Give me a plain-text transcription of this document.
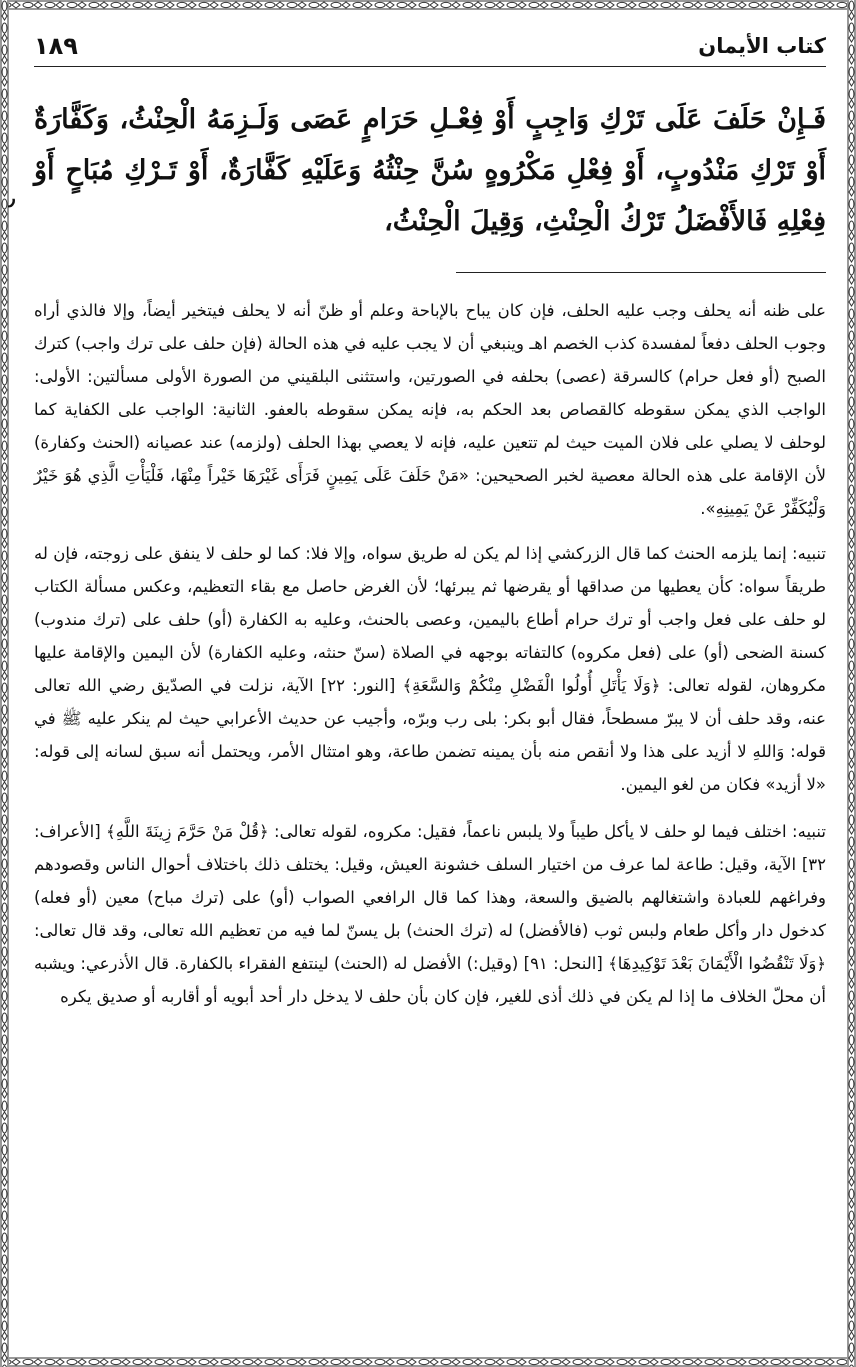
كتاب الأيمان
١٨٩
فَـإِنْ حَلَفَ عَلَى تَرْكِ وَاجِبٍ أَوْ فِعْـلِ حَرَامٍ عَصَى وَلَـزِمَهُ الْحِنْثُ، وَكَفَّارَةٌ أَوْ تَرْكِ مَنْدُوبٍ، أَوْ فِعْلِ مَكْرُوهٍ سُنَّ حِنْثُهُ وَعَلَيْهِ كَفَّارَةٌ، أَوْ تَـرْكِ مُبَاحٍ أَوْ فِعْلِهِ فَالأَفْضَلُ تَرْكُ الْحِنْثِ، وَقِيلَ الْحِنْثُ،
٫

على ظنه أنه يحلف وجب عليه الحلف، فإن كان يباح بالإباحة وعلم أو ظنّ أنه لا يحلف فيتخير أيضاً، وإلا فالذي أراه وجوب الحلف دفعاً لمفسدة كذب الخصم اهـ وينبغي أن لا يجب عليه في هذه الحالة (فإن حلف على ترك واجب) كترك الصبح (أو فعل حرام) كالسرقة (عصى) بحلفه في الصورتين، واستثنى البلقيني من الصورة الأولى مسألتين: الأولى: الواجب الذي يمكن سقوطه كالقصاص بعد الحكم به، فإنه يمكن سقوطه بالعفو. الثانية: الواجب على الكفاية كما لوحلف لا يصلي على فلان الميت حيث لم تتعين عليه، فإنه لا يعصي بهذا الحلف (ولزمه) عند عصيانه (الحنث وكفارة) لأن الإقامة على هذه الحالة معصية لخبر الصحيحين: «مَنْ حَلَفَ عَلَى يَمِينٍ فَرَأَى غَيْرَهَا خَيْراً مِنْهَا، فَلْيَأْتِ الَّذِي هُوَ خَيْرٌ وَلْيُكَفِّرْ عَنْ يَمِينِهِ».

تنبيه: إنما يلزمه الحنث كما قال الزركشي إذا لم يكن له طريق سواه، وإلا فلا: كما لو حلف لا ينفق على زوجته، فإن له طريقاً سواه: كأن يعطيها من صداقها أو يقرضها ثم يبرئها؛ لأن الغرض حاصل مع بقاء التعظيم، وعكس مسألة الكتاب لو حلف على فعل واجب أو ترك حرام أطاع باليمين، وعصى بالحنث، وعليه به الكفارة (أو) حلف على (ترك مندوب) كسنة الضحى (أو) على (فعل مكروه) كالتفاته بوجهه في الصلاة (سنّ حنثه، وعليه الكفارة) لأن اليمين والإقامة عليها مكروهان، لقوله تعالى: ﴿وَلَا يَأْتَلِ أُولُوا الْفَضْلِ مِنْكُمْ وَالسَّعَةِ﴾ [النور: ٢٢] الآية، نزلت في الصدّيق رضي الله تعالى عنه، وقد حلف أن لا يبرّ مسطحاً، فقال أبو بكر: بلى رب وبرّه، وأجيب عن حديث الأعرابي حيث لم ينكر عليه ﷺ في قوله: وَاللهِ لا أزيد على هذا ولا أنقص منه بأن يمينه تضمن طاعة، وهو امتثال الأمر، ويحتمل أنه سبق لسانه إلى قوله: «لا أزيد» فكان من لغو اليمين.

تنبيه: اختلف فيما لو حلف لا يأكل طيباً ولا يلبس ناعماً، فقيل: مكروه، لقوله تعالى: ﴿قُلْ مَنْ حَرَّمَ زِينَةَ اللَّهِ﴾ [الأعراف: ٣٢] الآية، وقيل: طاعة لما عرف من اختيار السلف خشونة العيش، وقيل: يختلف ذلك باختلاف أحوال الناس وقصودهم وفراغهم للعبادة واشتغالهم بالضيق والسعة، وهذا كما قال الرافعي الصواب (أو) على (ترك مباح) معين (أو فعله) كدخول دار وأكل طعام ولبس ثوب (فالأفضل) له (ترك الحنث) بل يسنّ لما فيه من تعظيم الله تعالى، وقد قال تعالى: ﴿وَلَا تَنْقُضُوا الْأَيْمَانَ بَعْدَ تَوْكِيدِهَا﴾ [النحل: ٩١] (وقيل:) الأفضل له (الحنث) لينتفع الفقراء بالكفارة. قال الأذرعي: ويشبه أن محلّ الخلاف ما إذا لم يكن في ذلك أذى للغير، فإن كان بأن حلف لا يدخل دار أحد أبويه أو أقاربه أو صديق يكره
